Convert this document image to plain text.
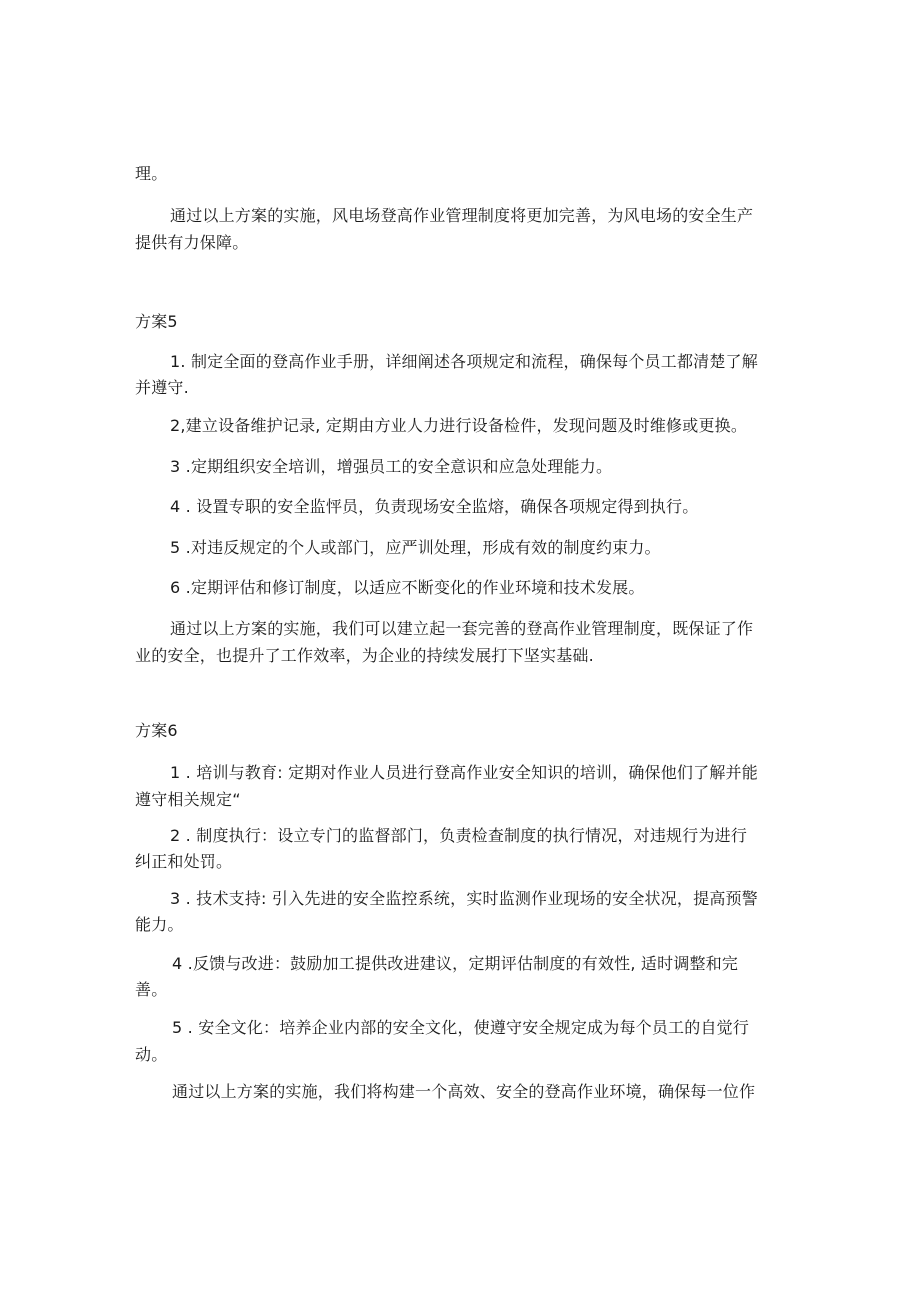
理。
通过以上方案的实施，风电场登高作业管理制度将更加完善，为风电场的安全生产
提供有力保障。
方案5
1. 制定全面的登高作业手册，详细阐述各项规定和流程，确保每个员工都清楚了解
并遵守.
2,建立设备维护记录, 定期由方业人力进行设备检件，发现问题及时维修或更换。
3 .定期组织安全培训，增强员工的安全意识和应急处理能力。
4 . 设置专职的安全监怦员，负责现场安全监熔，确保各项规定得到执行。
5 .对违反规定的个人或部门，应严训处理，形成有效的制度约束力。
6 .定期评估和修订制度，以适应不断变化的作业环境和技术发展。
通过以上方案的实施，我们可以建立起一套完善的登高作业管理制度，既保证了作
业的安全，也提升了工作效率，为企业的持续发展打下坚实基础.
方案6
1 . 培训与教育: 定期对作业人员进行登高作业安全知识的培训，确保他们了解并能
遵守相关规定“
2 . 制度执行：设立专门的监督部门，负责检查制度的执行情况，对违规行为进行
纠正和处罚。
3 . 技术支持: 引入先进的安全监控系统，实时监测作业现场的安全状况，提高预警
能力。
4 .反馈与改进：鼓励加工提供改进建议，定期评估制度的有效性, 适时调整和完
善。
5 . 安全文化：培养企业内部的安全文化，使遵守安全规定成为每个员工的自觉行
动。
通过以上方案的实施，我们将构建一个高效、安全的登高作业环境，确保每一位作
